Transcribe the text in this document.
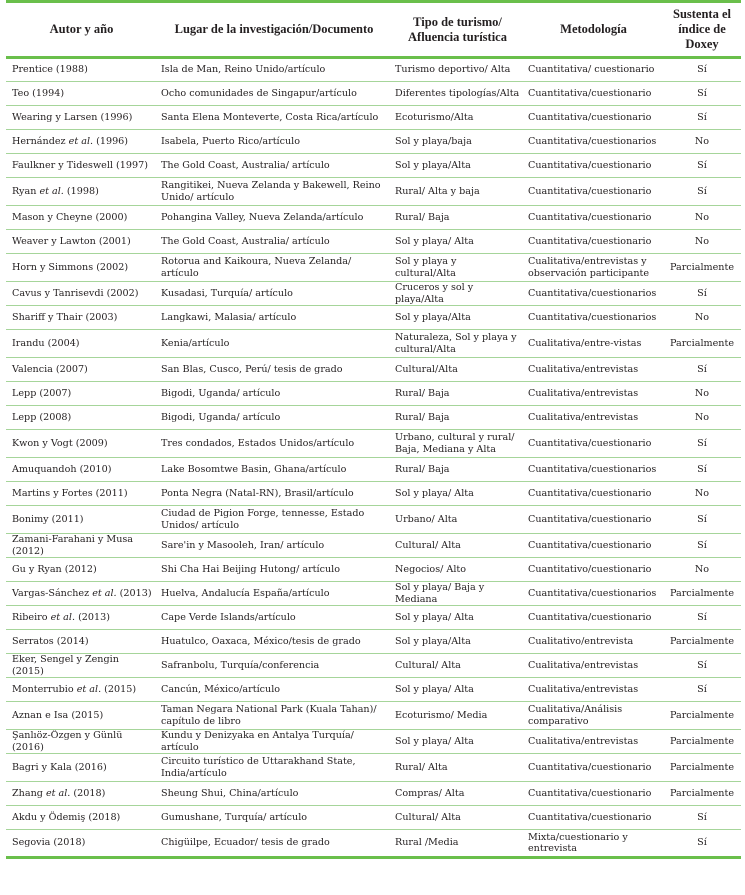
Autor y año	Lugar de la investigación/Documento	Tipo de turismo/ Afluencia turística	Metodología	Sustenta el índice de Doxey
Prentice (1988)	Isla de Man, Reino Unido/artículo	Turismo deportivo/ Alta	Cuantitativa/ cuestionario	Sí
Teo (1994)	Ocho comunidades de Singapur/artículo	Diferentes tipologías/Alta	Cuantitativa/cuestionario	Sí
Wearing y Larsen (1996)	Santa Elena Monteverte, Costa Rica/artículo	Ecoturismo/Alta	Cuantitativa/cuestionario	Sí
Hernández et al. (1996)	Isabela, Puerto Rico/artículo	Sol y playa/baja	Cuantitativa/cuestionarios	No
Faulkner y Tideswell (1997)	The Gold Coast, Australia/ artículo	Sol y playa/Alta	Cuantitativa/cuestionario	Sí
Ryan et al. (1998)	Rangitikei, Nueva Zelanda y Bakewell, Reino Unido/ artículo	Rural/ Alta y baja	Cuantitativa/cuestionario	Sí
Mason y Cheyne (2000)	Pohangina Valley, Nueva Zelanda/artículo	Rural/ Baja	Cuantitativa/cuestionario	No
Weaver y Lawton (2001)	The Gold Coast, Australia/ artículo	Sol y playa/ Alta	Cuantitativa/cuestionario	No
Horn y Simmons (2002)	Rotorua and Kaikoura, Nueva Zelanda/ artículo	Sol y playa y cultural/Alta	Cualitativa/entrevistas y observación participante	Parcialmente
Cavus y Tanrisevdi (2002)	Kusadasi, Turquía/ artículo	Cruceros y sol y playa/Alta	Cuantitativa/cuestionarios	Sí
Shariff y Thair (2003)	Langkawi, Malasia/ artículo	Sol y playa/Alta	Cuantitativa/cuestionarios	No
Irandu (2004)	Kenia/artículo	Naturaleza, Sol y playa y cultural/Alta	Cualitativa/entre-vistas	Parcialmente
Valencia (2007)	San Blas, Cusco, Perú/ tesis de grado	Cultural/Alta	Cualitativa/entrevistas	Sí
Lepp (2007)	Bigodi, Uganda/ artículo	Rural/ Baja	Cualitativa/entrevistas	No
Lepp (2008)	Bigodi, Uganda/ artículo	Rural/ Baja	Cualitativa/entrevistas	No
Kwon y Vogt (2009)	Tres condados, Estados Unidos/artículo	Urbano, cultural y rural/ Baja, Mediana y Alta	Cuantitativa/cuestionario	Sí
Amuquandoh (2010)	Lake Bosomtwe Basin, Ghana/artículo	Rural/ Baja	Cuantitativa/cuestionarios	Sí
Martins y Fortes (2011)	Ponta Negra (Natal-RN), Brasil/artículo	Sol y playa/ Alta	Cuantitativa/cuestionario	No
Bonimy (2011)	Ciudad de Pigion Forge, tennesse, Estado Unidos/ artículo	Urbano/ Alta	Cuantitativa/cuestionario	Sí
Zamani-Farahani y Musa (2012)	Sare'in y Masooleh, Iran/ artículo	Cultural/ Alta	Cuantitativa/cuestionario	Sí
Gu y Ryan (2012)	Shi Cha Hai Beijing Hutong/ artículo	Negocios/ Alto	Cuantitativo/cuestionario	No
Vargas-Sánchez et al. (2013)	Huelva, Andalucía España/artículo	Sol y playa/ Baja y Mediana	Cuantitativa/cuestionarios	Parcialmente
Ribeiro et al. (2013)	Cape Verde Islands/artículo	Sol y playa/ Alta	Cuantitativa/cuestionario	Sí
Serratos (2014)	Huatulco, Oaxaca, México/tesis de grado	Sol y playa/Alta	Cualitativo/entrevista	Parcialmente
Eker, Sengel y Zengin (2015)	Safranbolu, Turquía/conferencia	Cultural/ Alta	Cualitativa/entrevistas	Sí
Monterrubio et al. (2015)	Cancún, México/artículo	Sol y playa/ Alta	Cualitativa/entrevistas	Sí
Aznan e Isa (2015)	Taman Negara National Park (Kuala Tahan)/ capítulo de libro	Ecoturismo/ Media	Cualitativa/Análisis comparativo	Parcialmente
Şanlıöz-Özgen y Günlü (2016)	Kundu y Denizyaka en Antalya Turquía/ artículo	Sol y playa/ Alta	Cualitativa/entrevistas	Parcialmente
Bagri y Kala (2016)	Circuito turístico de Uttarakhand State, India/artículo	Rural/ Alta	Cuantitativa/cuestionario	Parcialmente
Zhang et al. (2018)	Sheung Shui, China/artículo	Compras/ Alta	Cuantitativa/cuestionario	Parcialmente
Akdu y Ödemiş (2018)	Gumushane, Turquía/ artículo	Cultural/ Alta	Cuantitativa/cuestionario	Sí
Segovia (2018)	Chigüilpe, Ecuador/ tesis de grado	Rural /Media	Mixta/cuestionario y entrevista	Sí
